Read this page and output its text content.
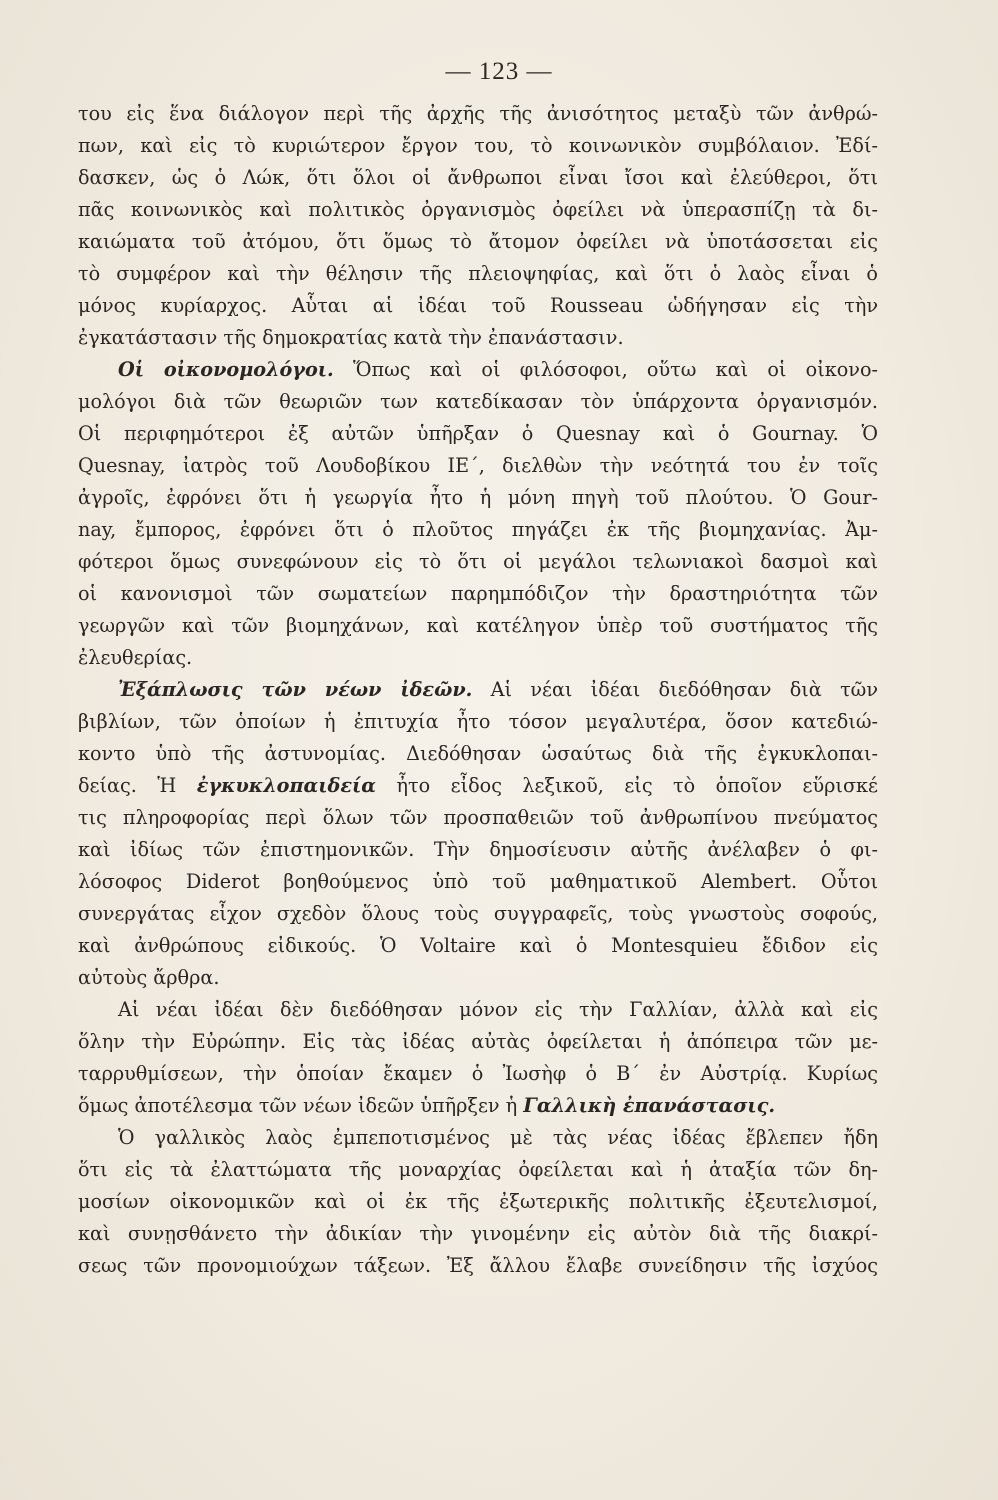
— 123 —
του εἰς ἕνα διάλογον περὶ τῆς ἀρχῆς τῆς ἀνισότητος μεταξὺ τῶν ἀνθρώ-
πων, καὶ εἰς τὸ κυριώτερον ἔργον του, τὸ κοινωνικὸν συμβόλαιον. Ἐδί-
δασκεν, ὡς ὁ Λώκ, ὅτι ὅλοι οἱ ἄνθρωποι εἶναι ἴσοι καὶ ἐλεύθεροι, ὅτι
πᾶς κοινωνικὸς καὶ πολιτικὸς ὀργανισμὸς ὀφείλει νὰ ὑπερασπίζῃ τὰ δι-
καιώματα τοῦ ἀτόμου, ὅτι ὅμως τὸ ἄτομον ὀφείλει νὰ ὑποτάσσεται εἰς
τὸ συμφέρον καὶ τὴν θέλησιν τῆς πλειοψηφίας, καὶ ὅτι ὁ λαὸς εἶναι ὁ
μόνος κυρίαρχος. Αὗται αἱ ἰδέαι τοῦ Rousseau ὡδήγησαν εἰς τὴν
ἐγκατάστασιν τῆς δημοκρατίας κατὰ τὴν ἐπανάστασιν.
Οἱ οἰκονομολόγοι. Ὅπως καὶ οἱ φιλόσοφοι, οὕτω καὶ οἱ οἰκονο-
μολόγοι διὰ τῶν θεωριῶν των κατεδίκασαν τὸν ὑπάρχοντα ὀργανισμόν.
Οἱ περιφημότεροι ἐξ αὐτῶν ὑπῆρξαν ὁ Quesnay καὶ ὁ Gournay. Ὁ
Quesnay, ἰατρὸς τοῦ Λουδοβίκου ΙΕ΄, διελθὼν τὴν νεότητά του ἐν τοῖς
ἀγροῖς, ἐφρόνει ὅτι ἡ γεωργία ἦτο ἡ μόνη πηγὴ τοῦ πλούτου. Ὁ Gour-
nay, ἔμπορος, ἐφρόνει ὅτι ὁ πλοῦτος πηγάζει ἐκ τῆς βιομηχανίας. Ἀμ-
φότεροι ὅμως συνεφώνουν εἰς τὸ ὅτι οἱ μεγάλοι τελωνιακοὶ δασμοὶ καὶ
οἱ κανονισμοὶ τῶν σωματείων παρημπόδιζον τὴν δραστηριότητα τῶν
γεωργῶν καὶ τῶν βιομηχάνων, καὶ κατέληγον ὑπὲρ τοῦ συστήματος τῆς
ἐλευθερίας.
Ἐξάπλωσις τῶν νέων ἰδεῶν. Αἱ νέαι ἰδέαι διεδόθησαν διὰ τῶν
βιβλίων, τῶν ὁποίων ἡ ἐπιτυχία ἦτο τόσον μεγαλυτέρα, ὅσον κατεδιώ-
κοντο ὑπὸ τῆς ἀστυνομίας. Διεδόθησαν ὡσαύτως διὰ τῆς ἐγκυκλοπαι-
δείας. Ἡ ἐγκυκλοπαιδεία ἦτο εἶδος λεξικοῦ, εἰς τὸ ὁποῖον εὕρισκέ
τις πληροφορίας περὶ ὅλων τῶν προσπαθειῶν τοῦ ἀνθρωπίνου πνεύματος
καὶ ἰδίως τῶν ἐπιστημονικῶν. Τὴν δημοσίευσιν αὐτῆς ἀνέλαβεν ὁ φι-
λόσοφος Diderot βοηθούμενος ὑπὸ τοῦ μαθηματικοῦ Alembert. Οὗτοι
συνεργάτας εἶχον σχεδὸν ὅλους τοὺς συγγραφεῖς, τοὺς γνωστοὺς σοφούς,
καὶ ἀνθρώπους εἰδικούς. Ὁ Voltaire καὶ ὁ Montesquieu ἔδιδον εἰς
αὐτοὺς ἄρθρα.
Αἱ νέαι ἰδέαι δὲν διεδόθησαν μόνον εἰς τὴν Γαλλίαν, ἀλλὰ καὶ εἰς
ὅλην τὴν Εὐρώπην. Εἰς τὰς ἰδέας αὐτὰς ὀφείλεται ἡ ἀπόπειρα τῶν με-
ταρρυθμίσεων, τὴν ὁποίαν ἔκαμεν ὁ Ἰωσὴφ ὁ Β΄ ἐν Αὐστρίᾳ. Κυρίως
ὅμως ἀποτέλεσμα τῶν νέων ἰδεῶν ὑπῆρξεν ἡ Γαλλικὴ ἐπανάστασις.
Ὁ γαλλικὸς λαὸς ἐμπεποτισμένος μὲ τὰς νέας ἰδέας ἔβλεπεν ἤδη
ὅτι εἰς τὰ ἐλαττώματα τῆς μοναρχίας ὀφείλεται καὶ ἡ ἀταξία τῶν δη-
μοσίων οἰκονομικῶν καὶ οἱ ἐκ τῆς ἐξωτερικῆς πολιτικῆς ἐξευτελισμοί,
καὶ συνῃσθάνετο τὴν ἀδικίαν τὴν γινομένην εἰς αὐτὸν διὰ τῆς διακρί-
σεως τῶν προνομιούχων τάξεων. Ἐξ ἄλλου ἔλαβε συνείδησιν τῆς ἰσχύος
